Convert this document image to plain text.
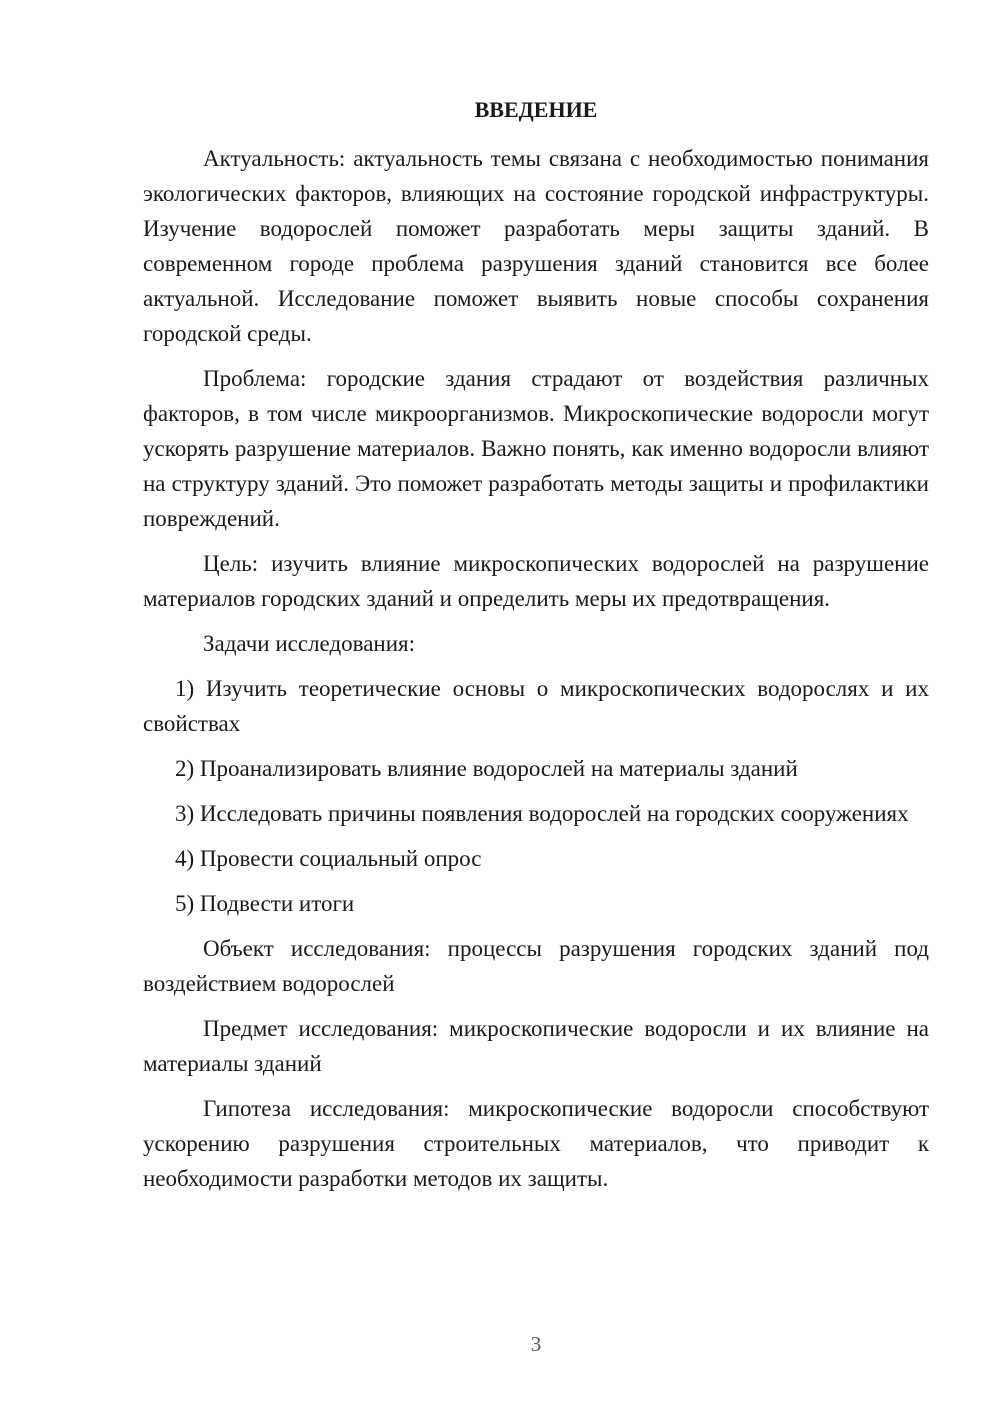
ВВЕДЕНИЕ

Актуальность: актуальность темы связана с необходимостью понимания экологических факторов, влияющих на состояние городской инфраструктуры. Изучение водорослей поможет разработать меры защиты зданий. В современном городе проблема разрушения зданий становится все более актуальной. Исследование поможет выявить новые способы сохранения городской среды.

Проблема: городские здания страдают от воздействия различных факторов, в том числе микроорганизмов. Микроскопические водоросли могут ускорять разрушение материалов. Важно понять, как именно водоросли влияют на структуру зданий. Это поможет разработать методы защиты и профилактики повреждений.

Цель: изучить влияние микроскопических водорослей на разрушение материалов городских зданий и определить меры их предотвращения.

Задачи исследования:

1) Изучить теоретические основы о микроскопических водорослях и их свойствах

2) Проанализировать влияние водорослей на материалы зданий

3) Исследовать причины появления водорослей на городских сооружениях

4) Провести социальный опрос

5) Подвести итоги

Объект исследования: процессы разрушения городских зданий под воздействием водорослей

Предмет исследования: микроскопические водоросли и их влияние на материалы зданий

Гипотеза исследования: микроскопические водоросли способствуют ускорению разрушения строительных материалов, что приводит к необходимости разработки методов их защиты.

3
